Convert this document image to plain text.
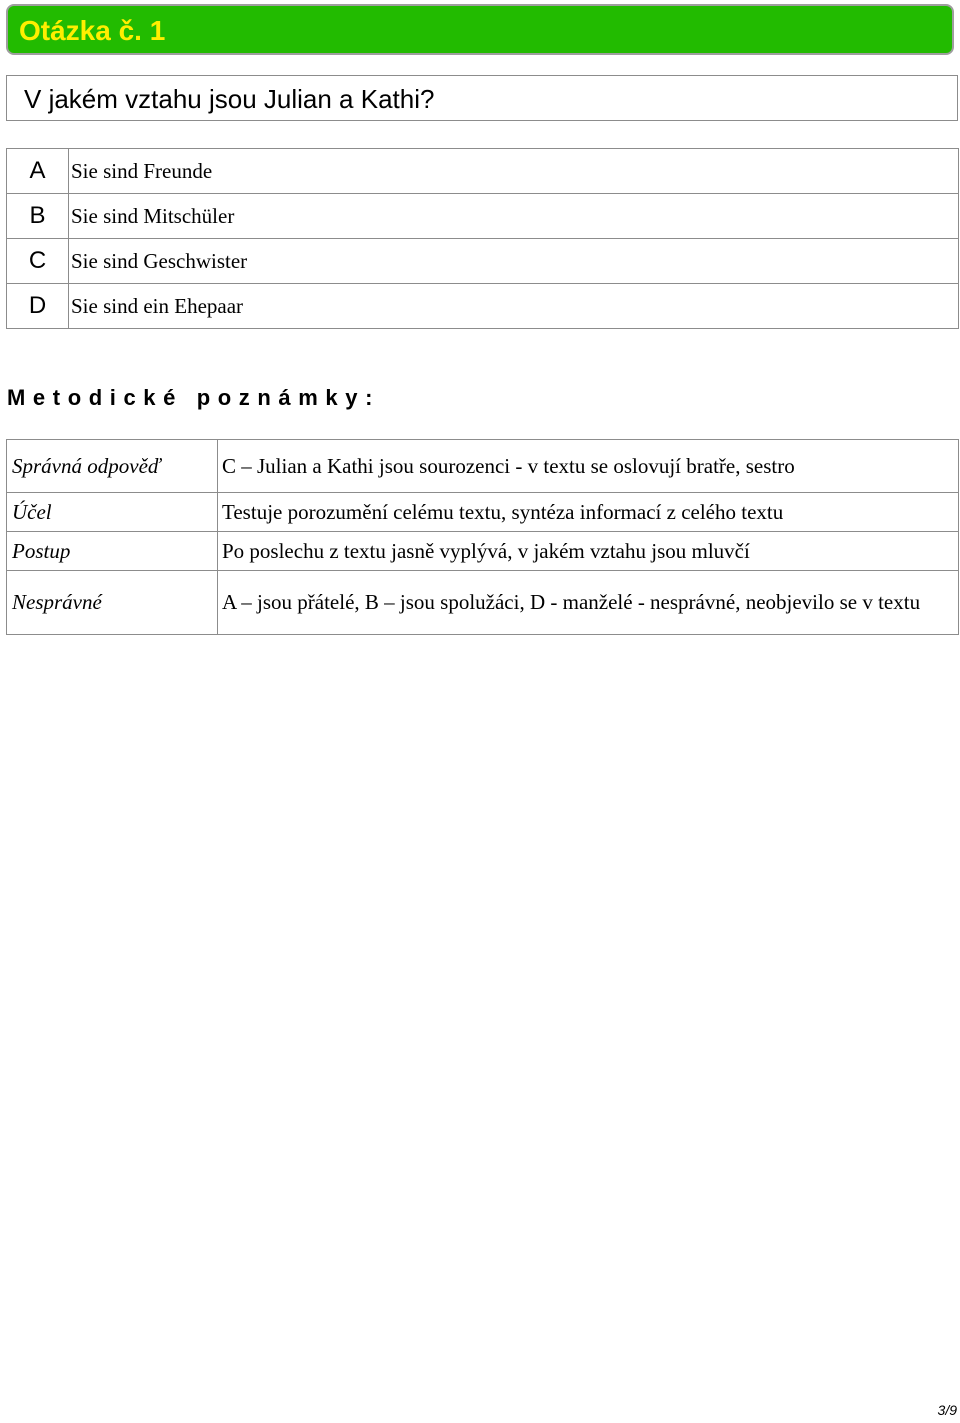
Otázka č. 1
V jakém vztahu jsou Julian a Kathi?
A	Sie sind Freunde
B	Sie sind Mitschüler
C	Sie sind Geschwister
D	Sie sind ein Ehepaar
Metodické poznámky:
Správná odpověď	C – Julian a Kathi jsou sourozenci - v textu se oslovují bratře, sestro
Účel	Testuje porozumění celému textu, syntéza informací z celého textu
Postup	Po poslechu z textu jasně vyplývá, v jakém vztahu jsou mluvčí
Nesprávné	A – jsou přátelé, B – jsou spolužáci, D - manželé - nesprávné, neobjevilo se v textu
3/9
